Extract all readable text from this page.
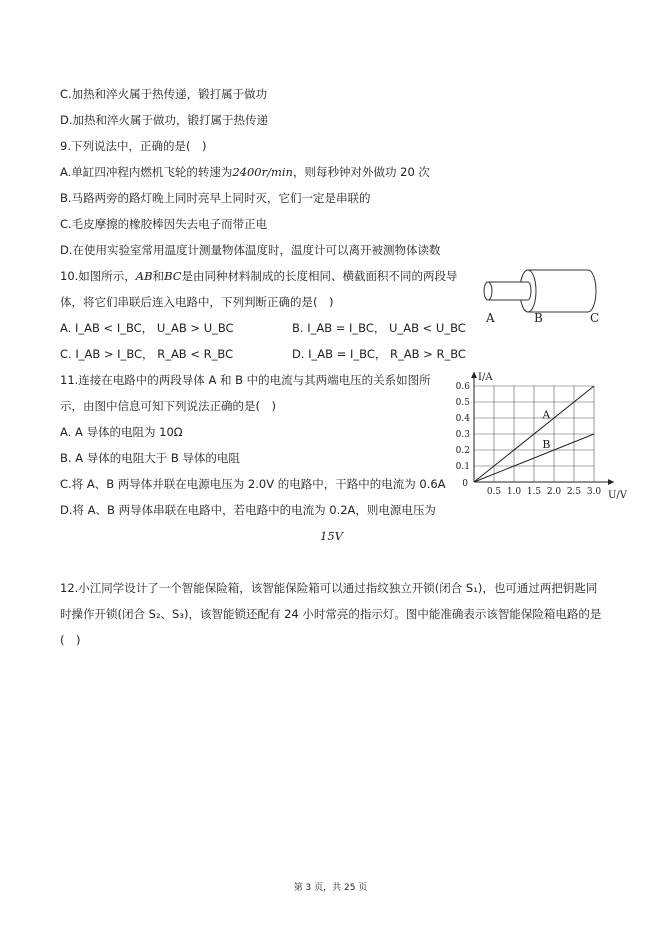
C.加热和淬火属于热传递，锻打属于做功
D.加热和淬火属于做功，锻打属于热传递
9.下列说法中，正确的是(　)
A.单缸四冲程内燃机飞轮的转速为2400r/min，则每秒钟对外做功 20 次
B.马路两旁的路灯晚上同时亮早上同时灭，它们一定是串联的
C.毛皮摩擦的橡胶棒因失去电子而带正电
D.在使用实验室常用温度计测量物体温度时，温度计可以离开被测物体读数
10.如图所示，AB和BC是由同种材料制成的长度相同、横截面积不同的两段导
体，将它们串联后连入电路中，下列判断正确的是(　)
A. I_AB < I_BC， U_AB > U_BC	B. I_AB = I_BC， U_AB < U_BC
C. I_AB > I_BC， R_AB < R_BC	D. I_AB = I_BC， R_AB > R_BC
A	B	C
11.连接在电路中的两段导体 A 和 B 中的电流与其两端电压的关系如图所
示，由图中信息可知下列说法正确的是(　)
A. A 导体的电阻为 10Ω
B. A 导体的电阻大于 B 导体的电阻
C.将 A、B 两导体并联在电源电压为 2.0V 的电路中，干路中的电流为 0.6A
D.将 A、B 两导体串联在电路中，若电路中的电流为 0.2A，则电源电压为
15V
0.5 1.0 1.5 2.0 2.5 3.0
0.1
0.2
0.3
0.4
0.5
0.6
0
U/V
I/A
A
B
12.小江同学设计了一个智能保险箱，该智能保险箱可以通过指纹独立开锁(闭合 S₁)，也可通过两把钥匙同
时操作开锁(闭合 S₂、S₃)，该智能锁还配有 24 小时常亮的指示灯。图中能准确表示该智能保险箱电路的是
(　)
第 3 页，共 25 页
